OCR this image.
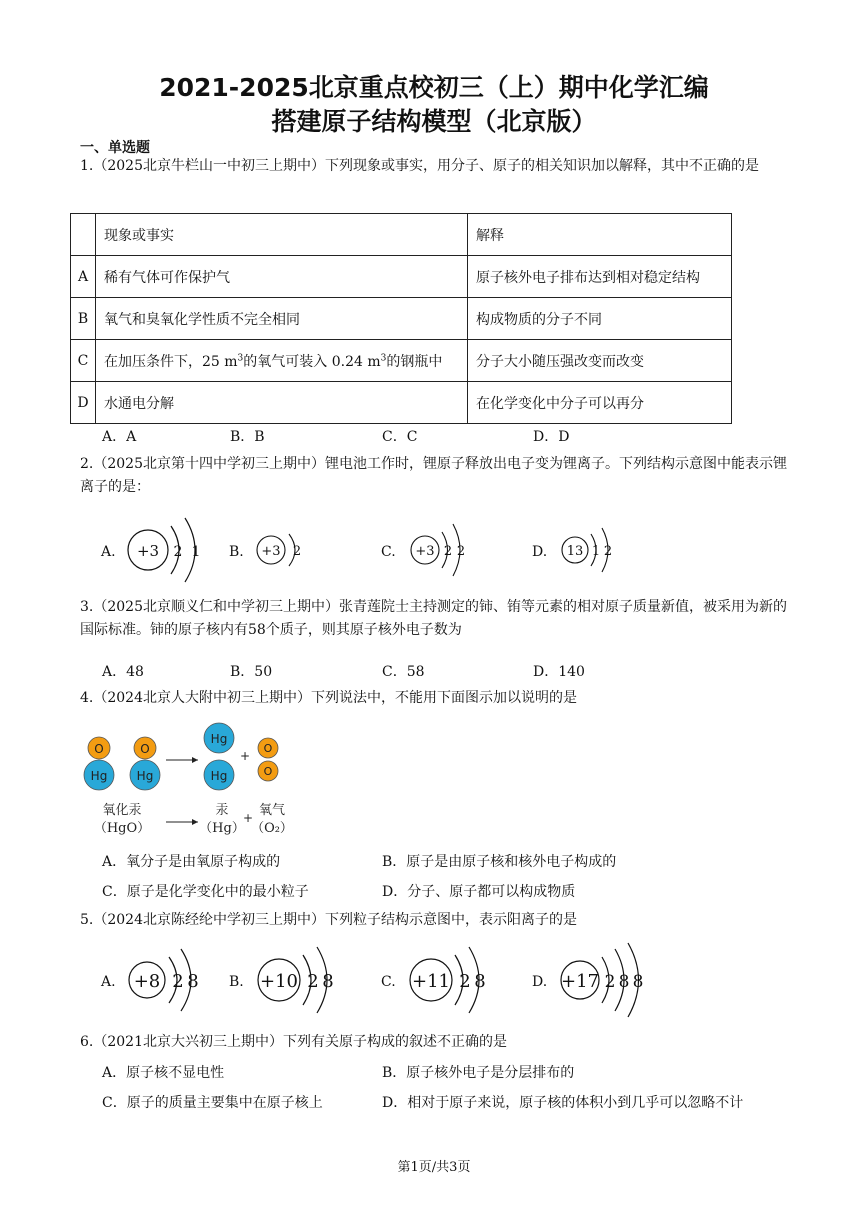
2021-2025北京重点校初三（上）期中化学汇编
搭建原子结构模型（北京版）
一、单选题
1.（2025北京牛栏山一中初三上期中）下列现象或事实，用分子、原子的相关知识加以解释，其中不正确的是
	现象或事实	解释
A	稀有气体可作保护气	原子核外电子排布达到相对稳定结构
B	氧气和臭氧化学性质不完全相同	构成物质的分子不同
C	在加压条件下，25 $m^3$的氧气可装入 0.24 $m^3$的钢瓶中	分子大小随压强改变而改变
D	水通电分解	在化学变化中分子可以再分
A．A	B．B	C．C	D．D
2.（2025北京第十四中学初三上期中）锂电池工作时，锂原子释放出电子变为锂离子。下列结构示意图中能表示锂离子的是：
A. +3 2 1 B. +3 2	C. +3 2 2	D. 13 1 2
3.（2025北京顺义仁和中学初三上期中）张青莲院士主持测定的铈、铕等元素的相对原子质量新值，被采用为新的国际标准。铈的原子核内有58个质子，则其原子核外电子数为
A．48	B．50	C．58	D．140
4.（2024北京人大附中初三上期中）下列说法中，不能用下面图示加以说明的是
O
Hg
O
Hg
Hg
Hg
+
O
O
氧化汞
（HgO）
汞
（Hg）
+ 氧气
（O₂）
A．氧分子是由氧原子构成的	B．原子是由原子核和核外电子构成的
C．原子是化学变化中的最小粒子	D．分子、原子都可以构成物质
5.（2024北京陈经纶中学初三上期中）下列粒子结构示意图中，表示阳离子的是
A. +8 2 8 B. +10 2 8	C. +11 2 8	D. +17 2 8 8
6.（2021北京大兴初三上期中）下列有关原子构成的叙述不正确的是
A．原子核不显电性	B．原子核外电子是分层排布的
C．原子的质量主要集中在原子核上	D．相对于原子来说，原子核的体积小到几乎可以忽略不计
第1页/共3页
